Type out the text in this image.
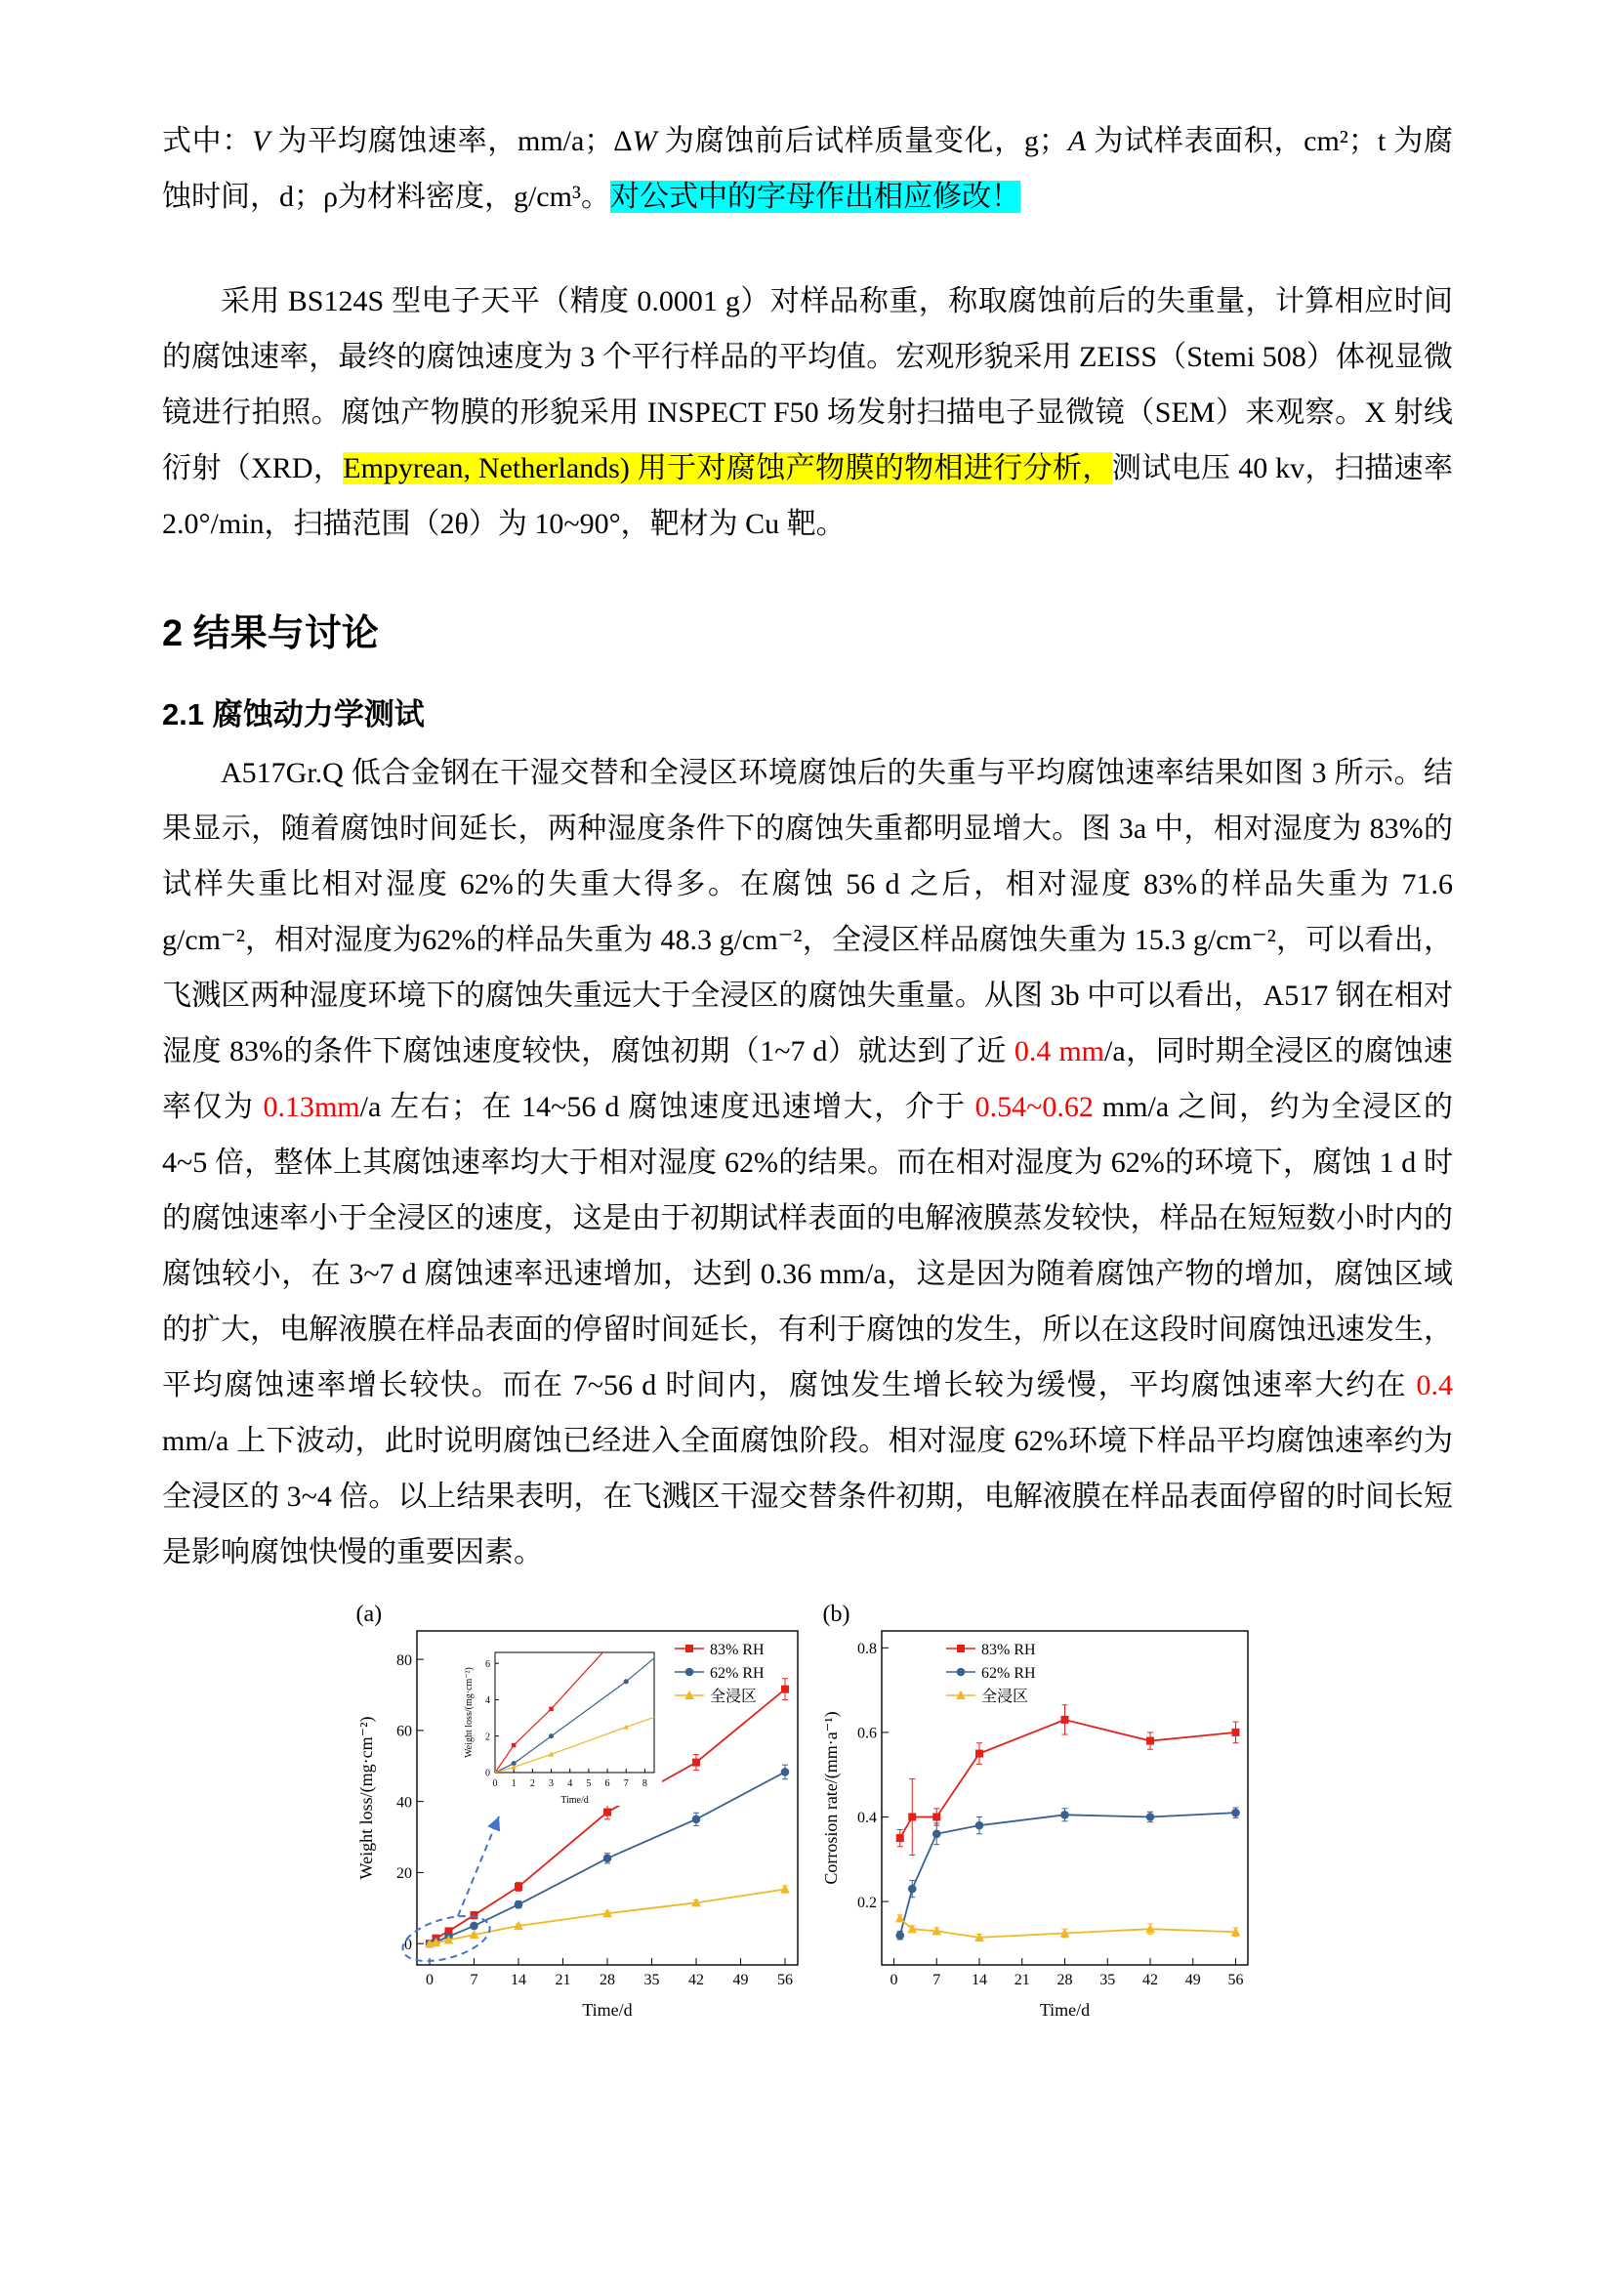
式中：V 为平均腐蚀速率，mm/a；ΔW 为腐蚀前后试样质量变化，g；A 为试样表面积，cm²；t 为腐蚀时间，d；ρ为材料密度，g/cm³。对公式中的字母作出相应修改！

采用 BS124S 型电子天平（精度 0.0001 g）对样品称重，称取腐蚀前后的失重量，计算相应时间的腐蚀速率，最终的腐蚀速度为 3 个平行样品的平均值。宏观形貌采用 ZEISS（Stemi 508）体视显微镜进行拍照。腐蚀产物膜的形貌采用 INSPECT F50 场发射扫描电子显微镜（SEM）来观察。X 射线衍射（XRD，Empyrean, Netherlands) 用于对腐蚀产物膜的物相进行分析，测试电压 40 kv，扫描速率 2.0°/min，扫描范围（2θ）为 10~90°，靶材为 Cu 靶。

2 结果与讨论
2.1 腐蚀动力学测试

A517Gr.Q 低合金钢在干湿交替和全浸区环境腐蚀后的失重与平均腐蚀速率结果如图 3 所示。结果显示，随着腐蚀时间延长，两种湿度条件下的腐蚀失重都明显增大。图 3a 中，相对湿度为 83%的试样失重比相对湿度 62%的失重大得多。在腐蚀 56 d 之后，相对湿度 83%的样品失重为 71.6 g/cm⁻²，相对湿度为62%的样品失重为 48.3 g/cm⁻²，全浸区样品腐蚀失重为 15.3 g/cm⁻²，可以看出，飞溅区两种湿度环境下的腐蚀失重远大于全浸区的腐蚀失重量。从图 3b 中可以看出，A517 钢在相对湿度 83%的条件下腐蚀速度较快，腐蚀初期（1~7 d）就达到了近 0.4 mm/a，同时期全浸区的腐蚀速率仅为 0.13mm/a 左右；在 14~56 d 腐蚀速度迅速增大，介于 0.54~0.62 mm/a 之间，约为全浸区的 4~5 倍，整体上其腐蚀速率均大于相对湿度 62%的结果。而在相对湿度为 62%的环境下，腐蚀 1 d 时的腐蚀速率小于全浸区的速度，这是由于初期试样表面的电解液膜蒸发较快，样品在短短数小时内的腐蚀较小，在 3~7 d 腐蚀速率迅速增加，达到 0.36 mm/a，这是因为随着腐蚀产物的增加，腐蚀区域的扩大，电解液膜在样品表面的停留时间延长，有利于腐蚀的发生，所以在这段时间腐蚀迅速发生，平均腐蚀速率增长较快。而在 7~56 d 时间内，腐蚀发生增长较为缓慢，平均腐蚀速率大约在 0.4 mm/a 上下波动，此时说明腐蚀已经进入全面腐蚀阶段。相对湿度 62%环境下样品平均腐蚀速率约为全浸区的 3~4 倍。以上结果表明，在飞溅区干湿交替条件初期，电解液膜在样品表面停留的时间长短是影响腐蚀快慢的重要因素。

(a)
0 7 14 21 28 35 42 49 56
0
20
40
60
80
Time/d
Weight loss/(mg·cm⁻²)
83% RH
62% RH
全浸区
0 1 2 3 4 5 6 7 8
0
2
4
6
Time/d
Weight loss/(mg·cm⁻²)
(b)
0 7 14 21 28 35 42 49 56
0.2
0.4
0.6
0.8
Time/d
Corrosion rate/(mm·a⁻¹)
83% RH
62% RH
全浸区
